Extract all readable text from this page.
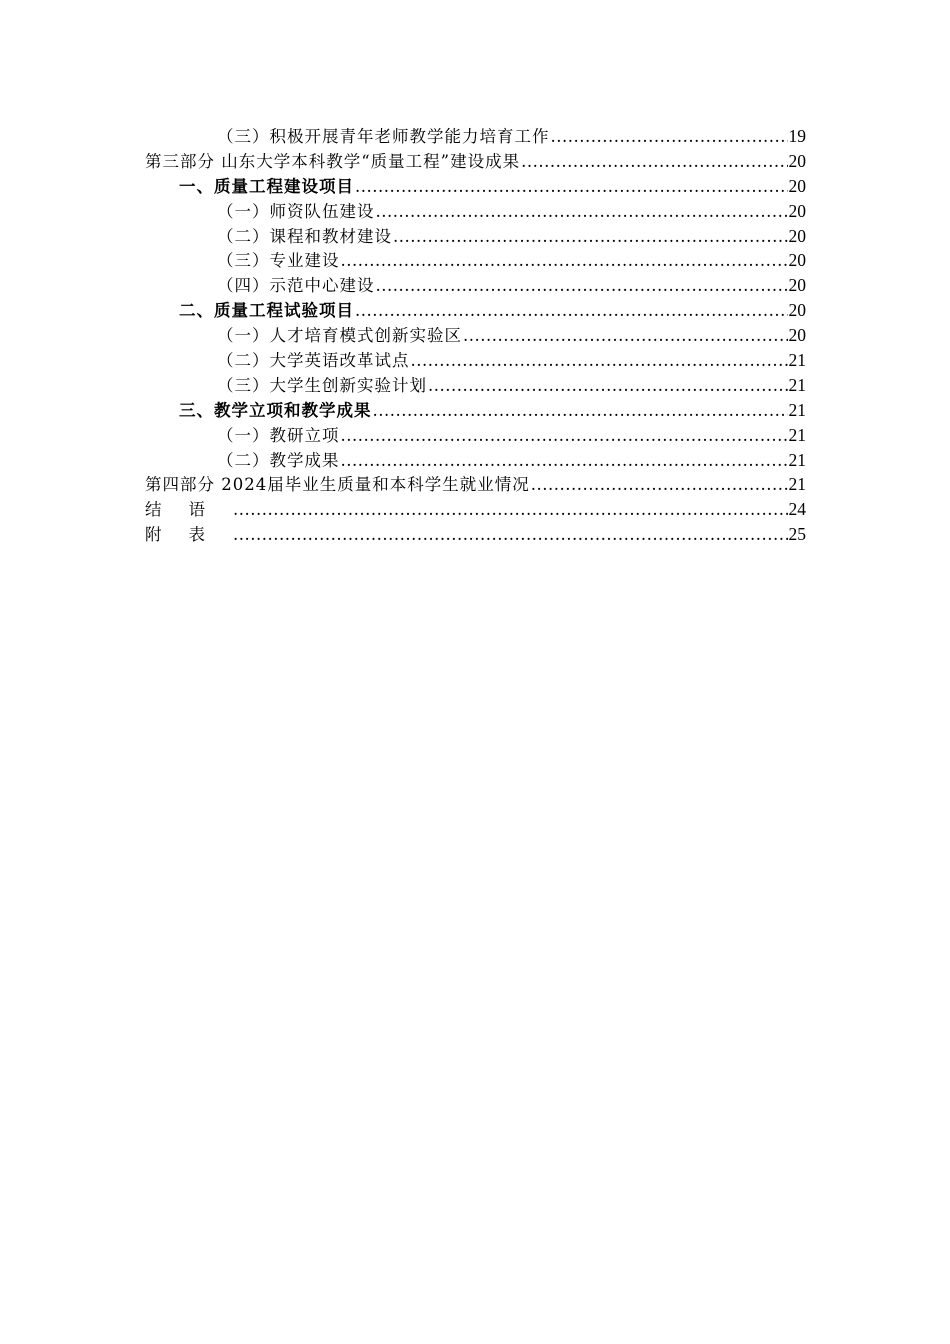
（三）积极开展青年老师教学能力培育工作 .....	19
第三部分 山东大学本科教学“质量工程”建设成果 .....	20
一、质量工程建设项目 .....	20
（一）师资队伍建设 .....	20
（二）课程和教材建设 .....	20
（三）专业建设 .....	20
（四）示范中心建设 .....	20
二、质量工程试验项目 .....	20
（一）人才培育模式创新实验区 .....	20
（二）大学英语改革试点 .....	21
（三）大学生创新实验计划 .....	21
三、教学立项和教学成果 .....	21
（一）教研立项 .....	21
（二）教学成果 .....	21
第四部分 2024届毕业生质量和本科学生就业情况 .....	21
结语 .....	24
附表 .....	25
